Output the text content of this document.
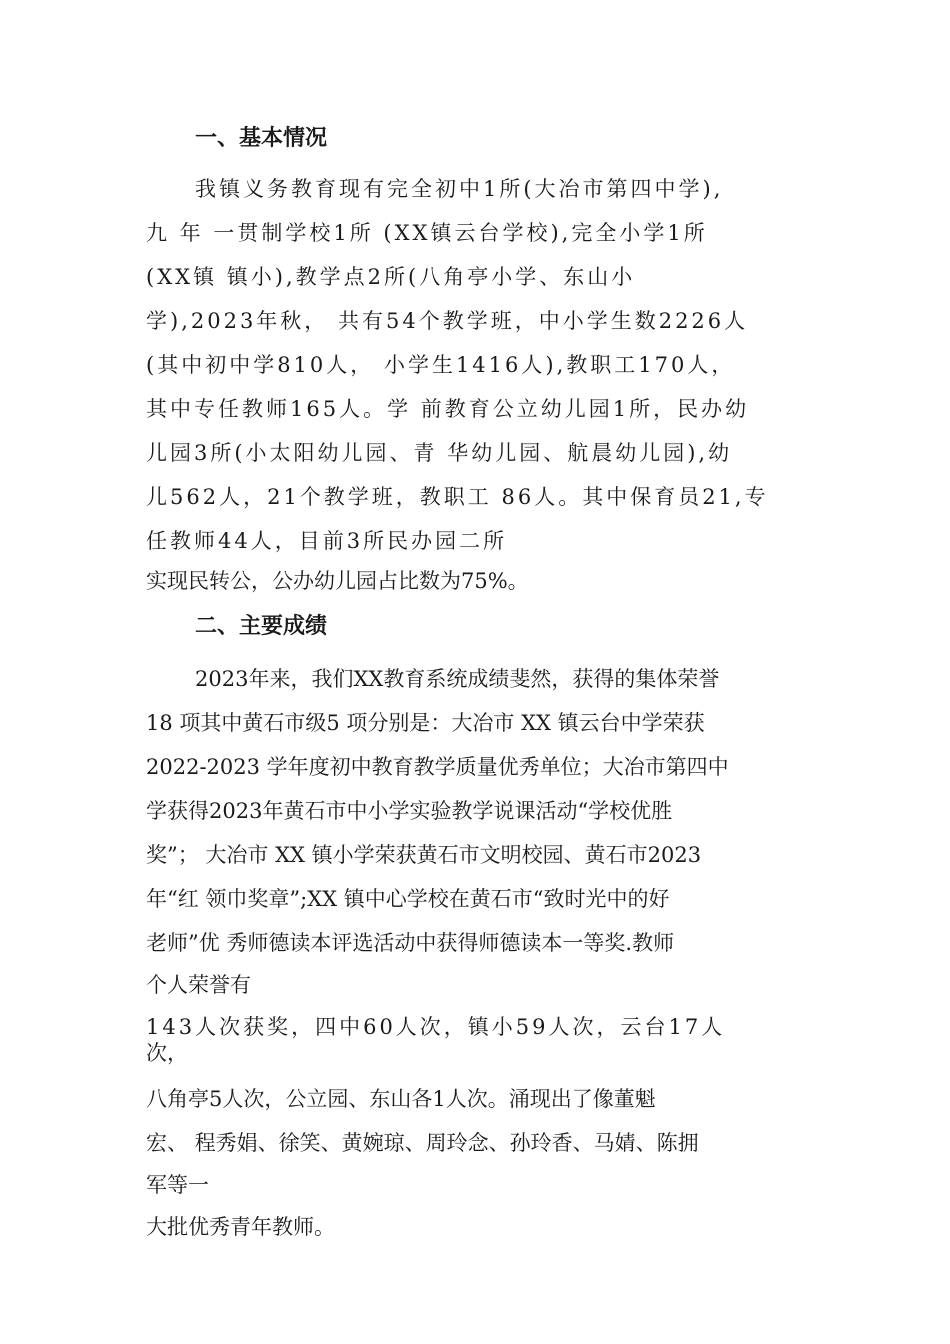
一、基本情况
我镇义务教育现有完全初中1所(大冶市第四中学),
九 年 一贯制学校1所 (XX镇云台学校),完全小学1所
(XX镇 镇小),教学点2所(八角亭小学、东山小
学),2023年秋， 共有54个教学班，中小学生数2226人
(其中初中学810人， 小学生1416人),教职工170人，
其中专任教师165人。学 前教育公立幼儿园1所，民办幼
儿园3所(小太阳幼儿园、青 华幼儿园、航晨幼儿园),幼
儿562人，21个教学班，教职工 86人。其中保育员21,专
任教师44人，目前3所民办园二所
实现民转公，公办幼儿园占比数为75%。
二、主要成绩
2023年来，我们XX教育系统成绩斐然，获得的集体荣誉
18 项其中黄石市级5 项分别是：大冶市 XX 镇云台中学荣获
2022-2023 学年度初中教育教学质量优秀单位；大冶市第四中
学获得2023年黄石市中小学实验教学说课活动“学校优胜
奖”； 大冶市 XX 镇小学荣获黄石市文明校园、黄石市2023
年“红 领巾奖章”;XX 镇中心学校在黄石市“致时光中的好
老师”优 秀师德读本评选活动中获得师德读本一等奖.教师
个人荣誉有
143人次获奖，四中60人次，镇小59人次，云台17人
次，
八角亭5人次，公立园、东山各1人次。涌现出了像董魁
宏、 程秀娟、徐笑、黄婉琼、周玲念、孙玲香、马婧、陈拥
军等一
大批优秀青年教师。
